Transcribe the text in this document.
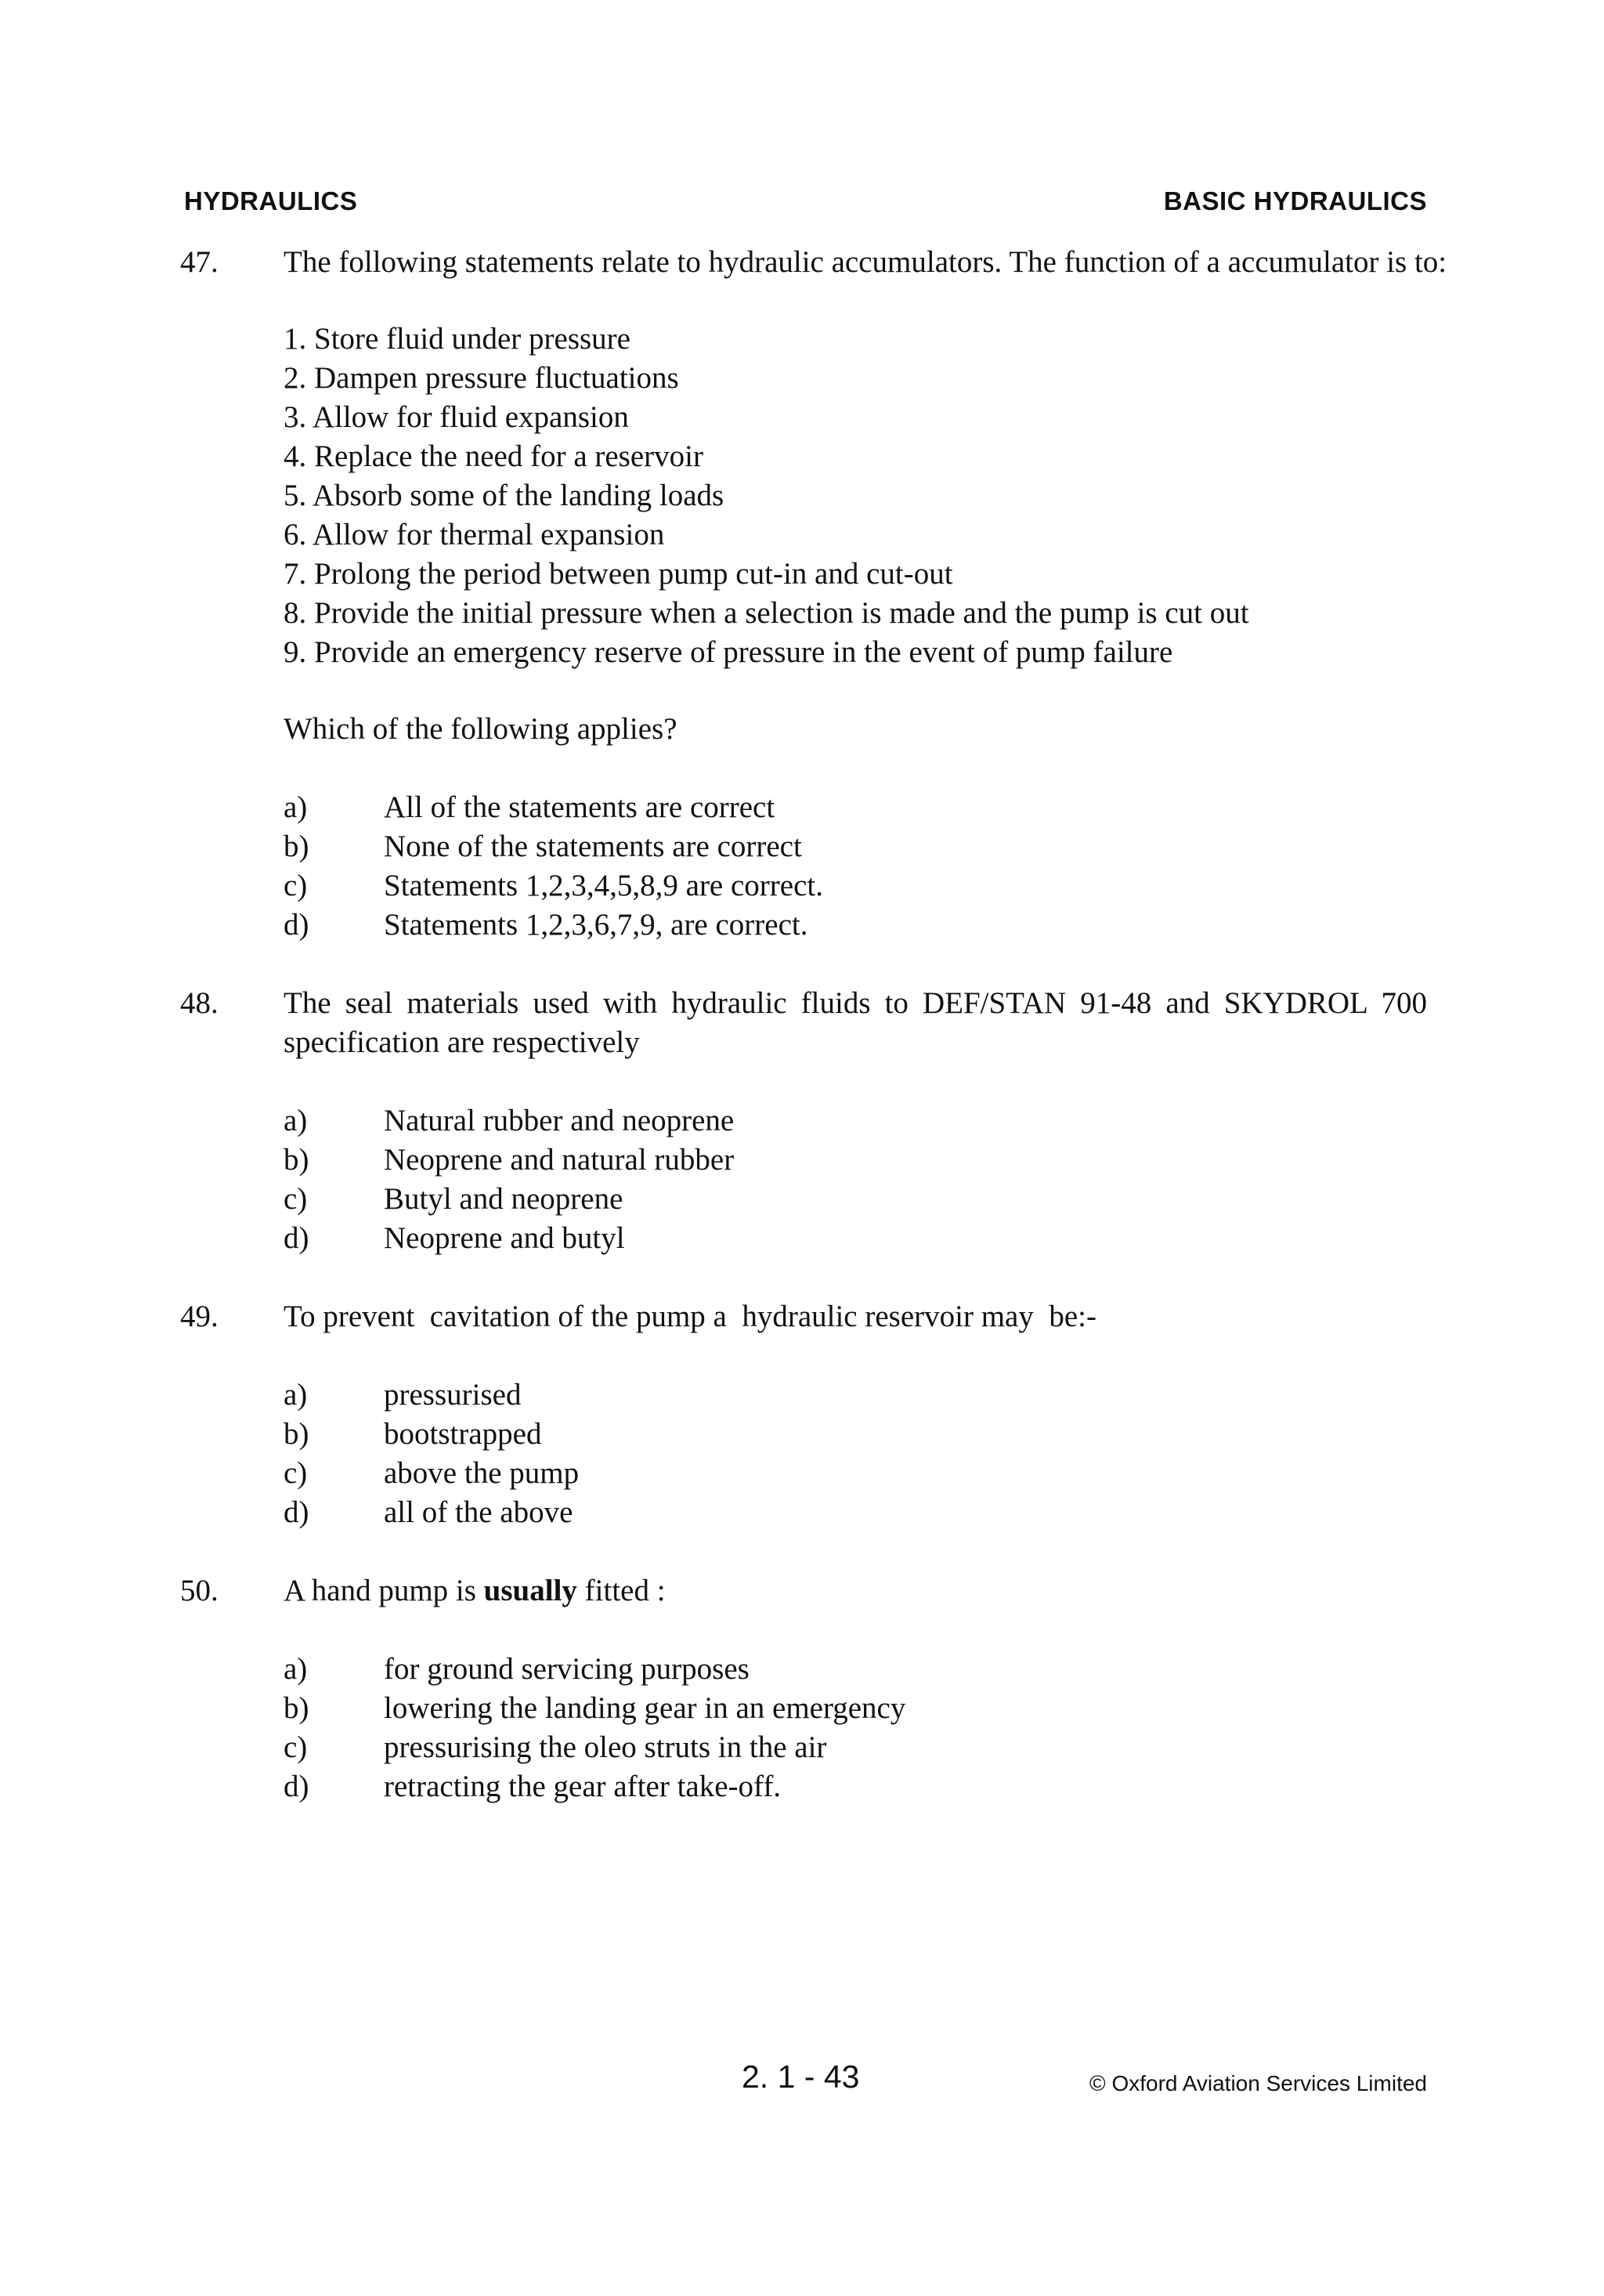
HYDRAULICS	BASIC HYDRAULICS
47. The following statements relate to hydraulic accumulators. The function of a accumulator is to:
1. Store fluid under pressure
2. Dampen pressure fluctuations
3. Allow for fluid expansion
4. Replace the need for a reservoir
5. Absorb some of the landing loads
6. Allow for thermal expansion
7. Prolong the period between pump cut-in and cut-out
8. Provide the initial pressure when a selection is made and the pump is cut out
9. Provide an emergency reserve of pressure in the event of pump failure
Which of the following applies?
a)	All of the statements are correct
b) None of the statements are correct
c)	Statements 1,2,3,4,5,8,9 are correct.
d) Statements 1,2,3,6,7,9, are correct.
48. The seal materials used with hydraulic fluids to DEF/STAN 91-48 and SKYDROL 700 specification are respectively
a)	Natural rubber and neoprene
b) Neoprene and natural rubber
c)	Butyl and neoprene
d) Neoprene and butyl
49. To prevent  cavitation of the pump a  hydraulic reservoir may  be:-
a)	pressurised
b) bootstrapped
c)	above the pump
d) all of the above
50. A hand pump is usually fitted :
a)	for ground servicing purposes
b) lowering the landing gear in an emergency
c)	pressurising the oleo struts in the air
d) retracting the gear after take-off.
2. 1 - 43	© Oxford Aviation Services Limited
